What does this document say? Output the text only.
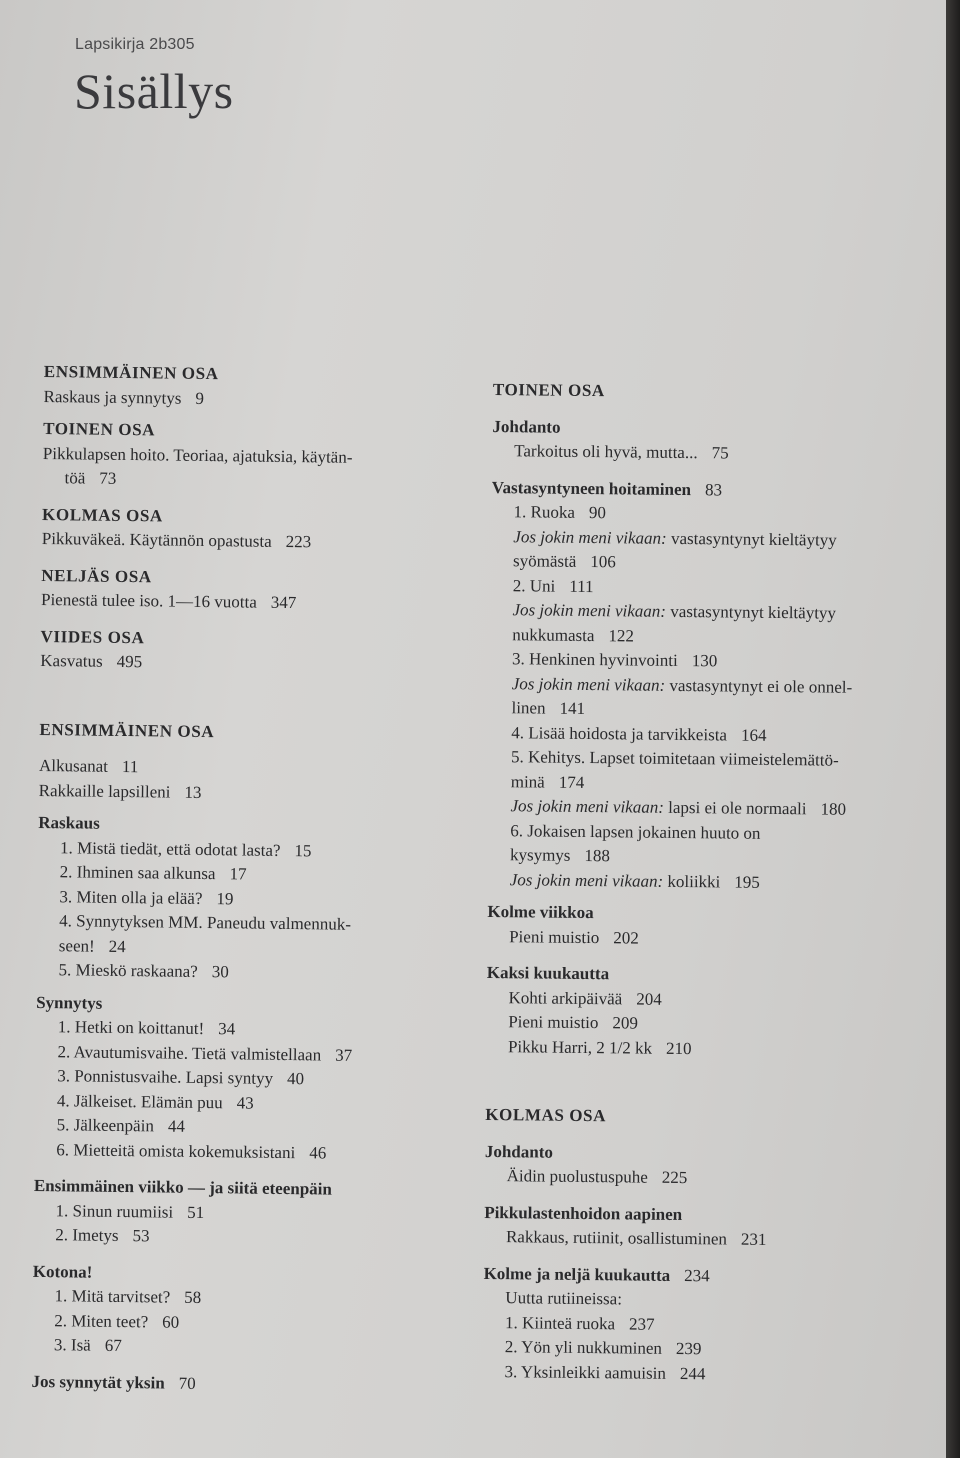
Lapsikirja 2b305
Sisällys
ENSIMMÄINEN OSA
Raskaus ja synnytys 9
TOINEN OSA
Pikkulapsen hoito. Teoriaa, ajatuksia, käytän-
töä 73
KOLMAS OSA
Pikkuväkeä. Käytännön opastusta 223
NELJÄS OSA
Pienestä tulee iso. 1—16 vuotta 347
VIIDES OSA
Kasvatus 495
ENSIMMÄINEN OSA
Alkusanat 11
Rakkaille lapsilleni 13
Raskaus
1. Mistä tiedät, että odotat lasta? 15
2. Ihminen saa alkunsa 17
3. Miten olla ja elää? 19
4. Synnytyksen MM. Paneudu valmennuk-
seen! 24
5. Mieskö raskaana? 30
Synnytys
1. Hetki on koittanut! 34
2. Avautumisvaihe. Tietä valmistellaan 37
3. Ponnistusvaihe. Lapsi syntyy 40
4. Jälkeiset. Elämän puu 43
5. Jälkeenpäin 44
6. Mietteitä omista kokemuksistani 46
Ensimmäinen viikko — ja siitä eteenpäin
1. Sinun ruumiisi 51
2. Imetys 53
Kotona!
1. Mitä tarvitset? 58
2. Miten teet? 60
3. Isä 67
Jos synnytät yksin 70
TOINEN OSA
Johdanto
Tarkoitus oli hyvä, mutta... 75
Vastasyntyneen hoitaminen 83
1. Ruoka 90
Jos jokin meni vikaan: vastasyntynyt kieltäytyy
syömästä 106
2. Uni 111
Jos jokin meni vikaan: vastasyntynyt kieltäytyy
nukkumasta 122
3. Henkinen hyvinvointi 130
Jos jokin meni vikaan: vastasyntynyt ei ole onnel-
linen 141
4. Lisää hoidosta ja tarvikkeista 164
5. Kehitys. Lapset toimitetaan viimeistelemättö-
minä 174
Jos jokin meni vikaan: lapsi ei ole normaali 180
6. Jokaisen lapsen jokainen huuto on
kysymys 188
Jos jokin meni vikaan: koliikki 195
Kolme viikkoa
Pieni muistio 202
Kaksi kuukautta
Kohti arkipäivää 204
Pieni muistio 209
Pikku Harri, 2 1/2 kk 210
KOLMAS OSA
Johdanto
Äidin puolustuspuhe 225
Pikkulastenhoidon aapinen
Rakkaus, rutiinit, osallistuminen 231
Kolme ja neljä kuukautta 234
Uutta rutiineissa:
1. Kiinteä ruoka 237
2. Yön yli nukkuminen 239
3. Yksinleikki aamuisin 244
